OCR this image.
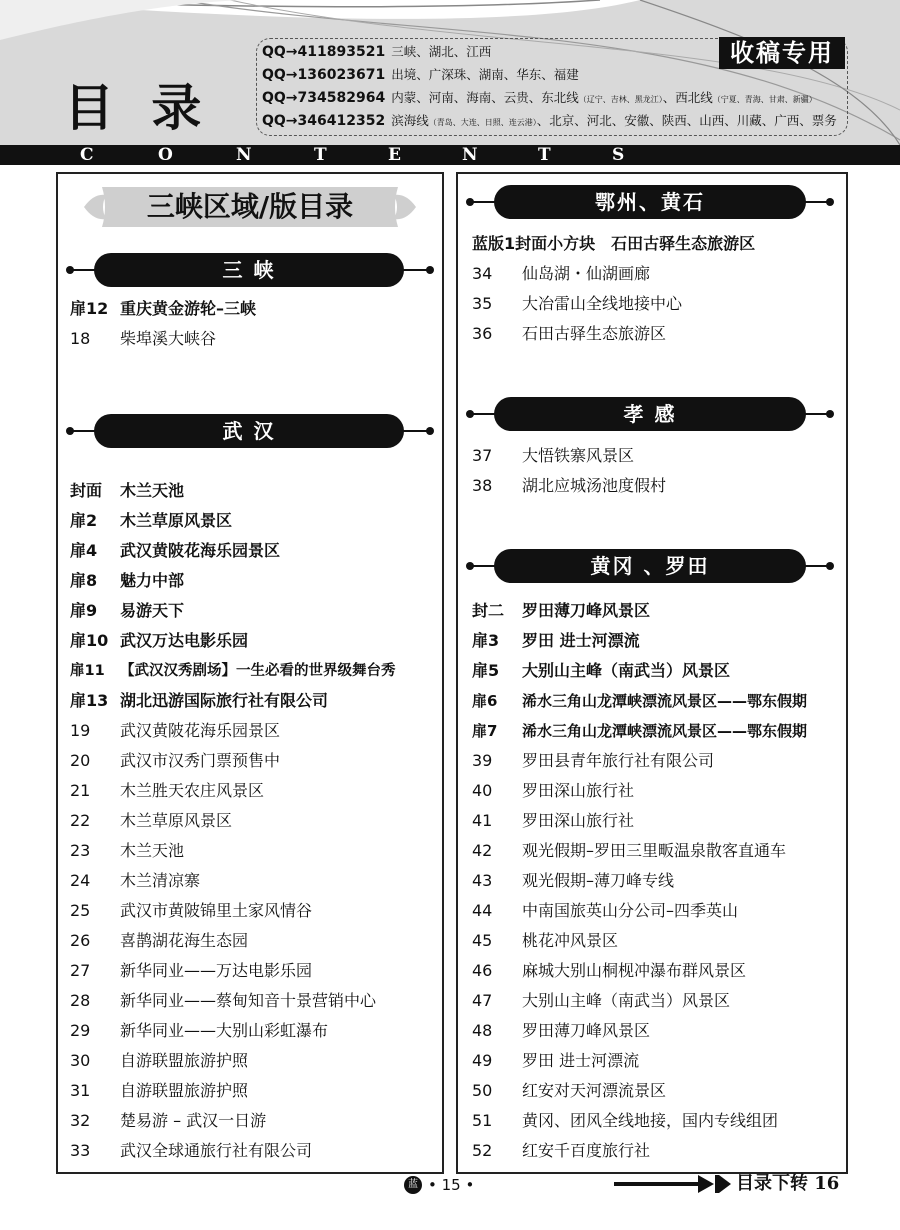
目 录
QQ→411893521 三峡、湖北、江西
QQ→136023671 出境、广深珠、湖南、华东、福建
QQ→734582964 内蒙、河南、海南、云贵、东北线（辽宁、吉林、黑龙江）、西北线（宁夏、青海、甘肃、新疆）
QQ→346412352 滨海线（青岛、大连、日照、连云港）、北京、河北、安徽、陕西、山西、川藏、广西、票务
收稿专用
C	O	N	T	E	N	T	S
三峡区域/版目录
三 峡
扉12 重庆黄金游轮–三峡
18 柴埠溪大峡谷
武 汉
封面 木兰天池
扉2 木兰草原风景区
扉4 武汉黄陂花海乐园景区
扉8 魅力中部
扉9 易游天下
扉10 武汉万达电影乐园
扉11 【武汉汉秀剧场】一生必看的世界级舞台秀
扉13 湖北迅游国际旅行社有限公司
19 武汉黄陂花海乐园景区
20 武汉市汉秀门票预售中
21 木兰胜天农庄风景区
22 木兰草原风景区
23 木兰天池
24 木兰清凉寨
25 武汉市黄陂锦里土家风情谷
26 喜鹊湖花海生态园
27 新华同业——万达电影乐园
28 新华同业——蔡甸知音十景营销中心
29 新华同业——大别山彩虹瀑布
30 自游联盟旅游护照
31 自游联盟旅游护照
32 楚易游 – 武汉一日游
33 武汉全球通旅行社有限公司
鄂州、黄石
蓝版1封面小方块　石田古驿生态旅游区
34 仙岛湖・仙湖画廊
35 大冶雷山全线地接中心
36 石田古驿生态旅游区
孝 感
37 大悟铁寨风景区
38 湖北应城汤池度假村
黄冈 、罗田
封二 罗田薄刀峰风景区
扉3 罗田 进士河漂流
扉5 大别山主峰（南武当）风景区
扉6 浠水三角山龙潭峡漂流风景区——鄂东假期
扉7 浠水三角山龙潭峡漂流风景区——鄂东假期
39 罗田县青年旅行社有限公司
40 罗田深山旅行社
41 罗田深山旅行社
42 观光假期–罗田三里畈温泉散客直通车
43 观光假期–薄刀峰专线
44 中南国旅英山分公司–四季英山
45 桃花冲风景区
46 麻城大别山桐枧冲瀑布群风景区
47 大别山主峰（南武当）风景区
48 罗田薄刀峰风景区
49 罗田 进士河漂流
50 红安对天河漂流景区
51 黄冈、团风全线地接，国内专线组团
52 红安千百度旅行社
蓝 • 15 •	目录下转 16
